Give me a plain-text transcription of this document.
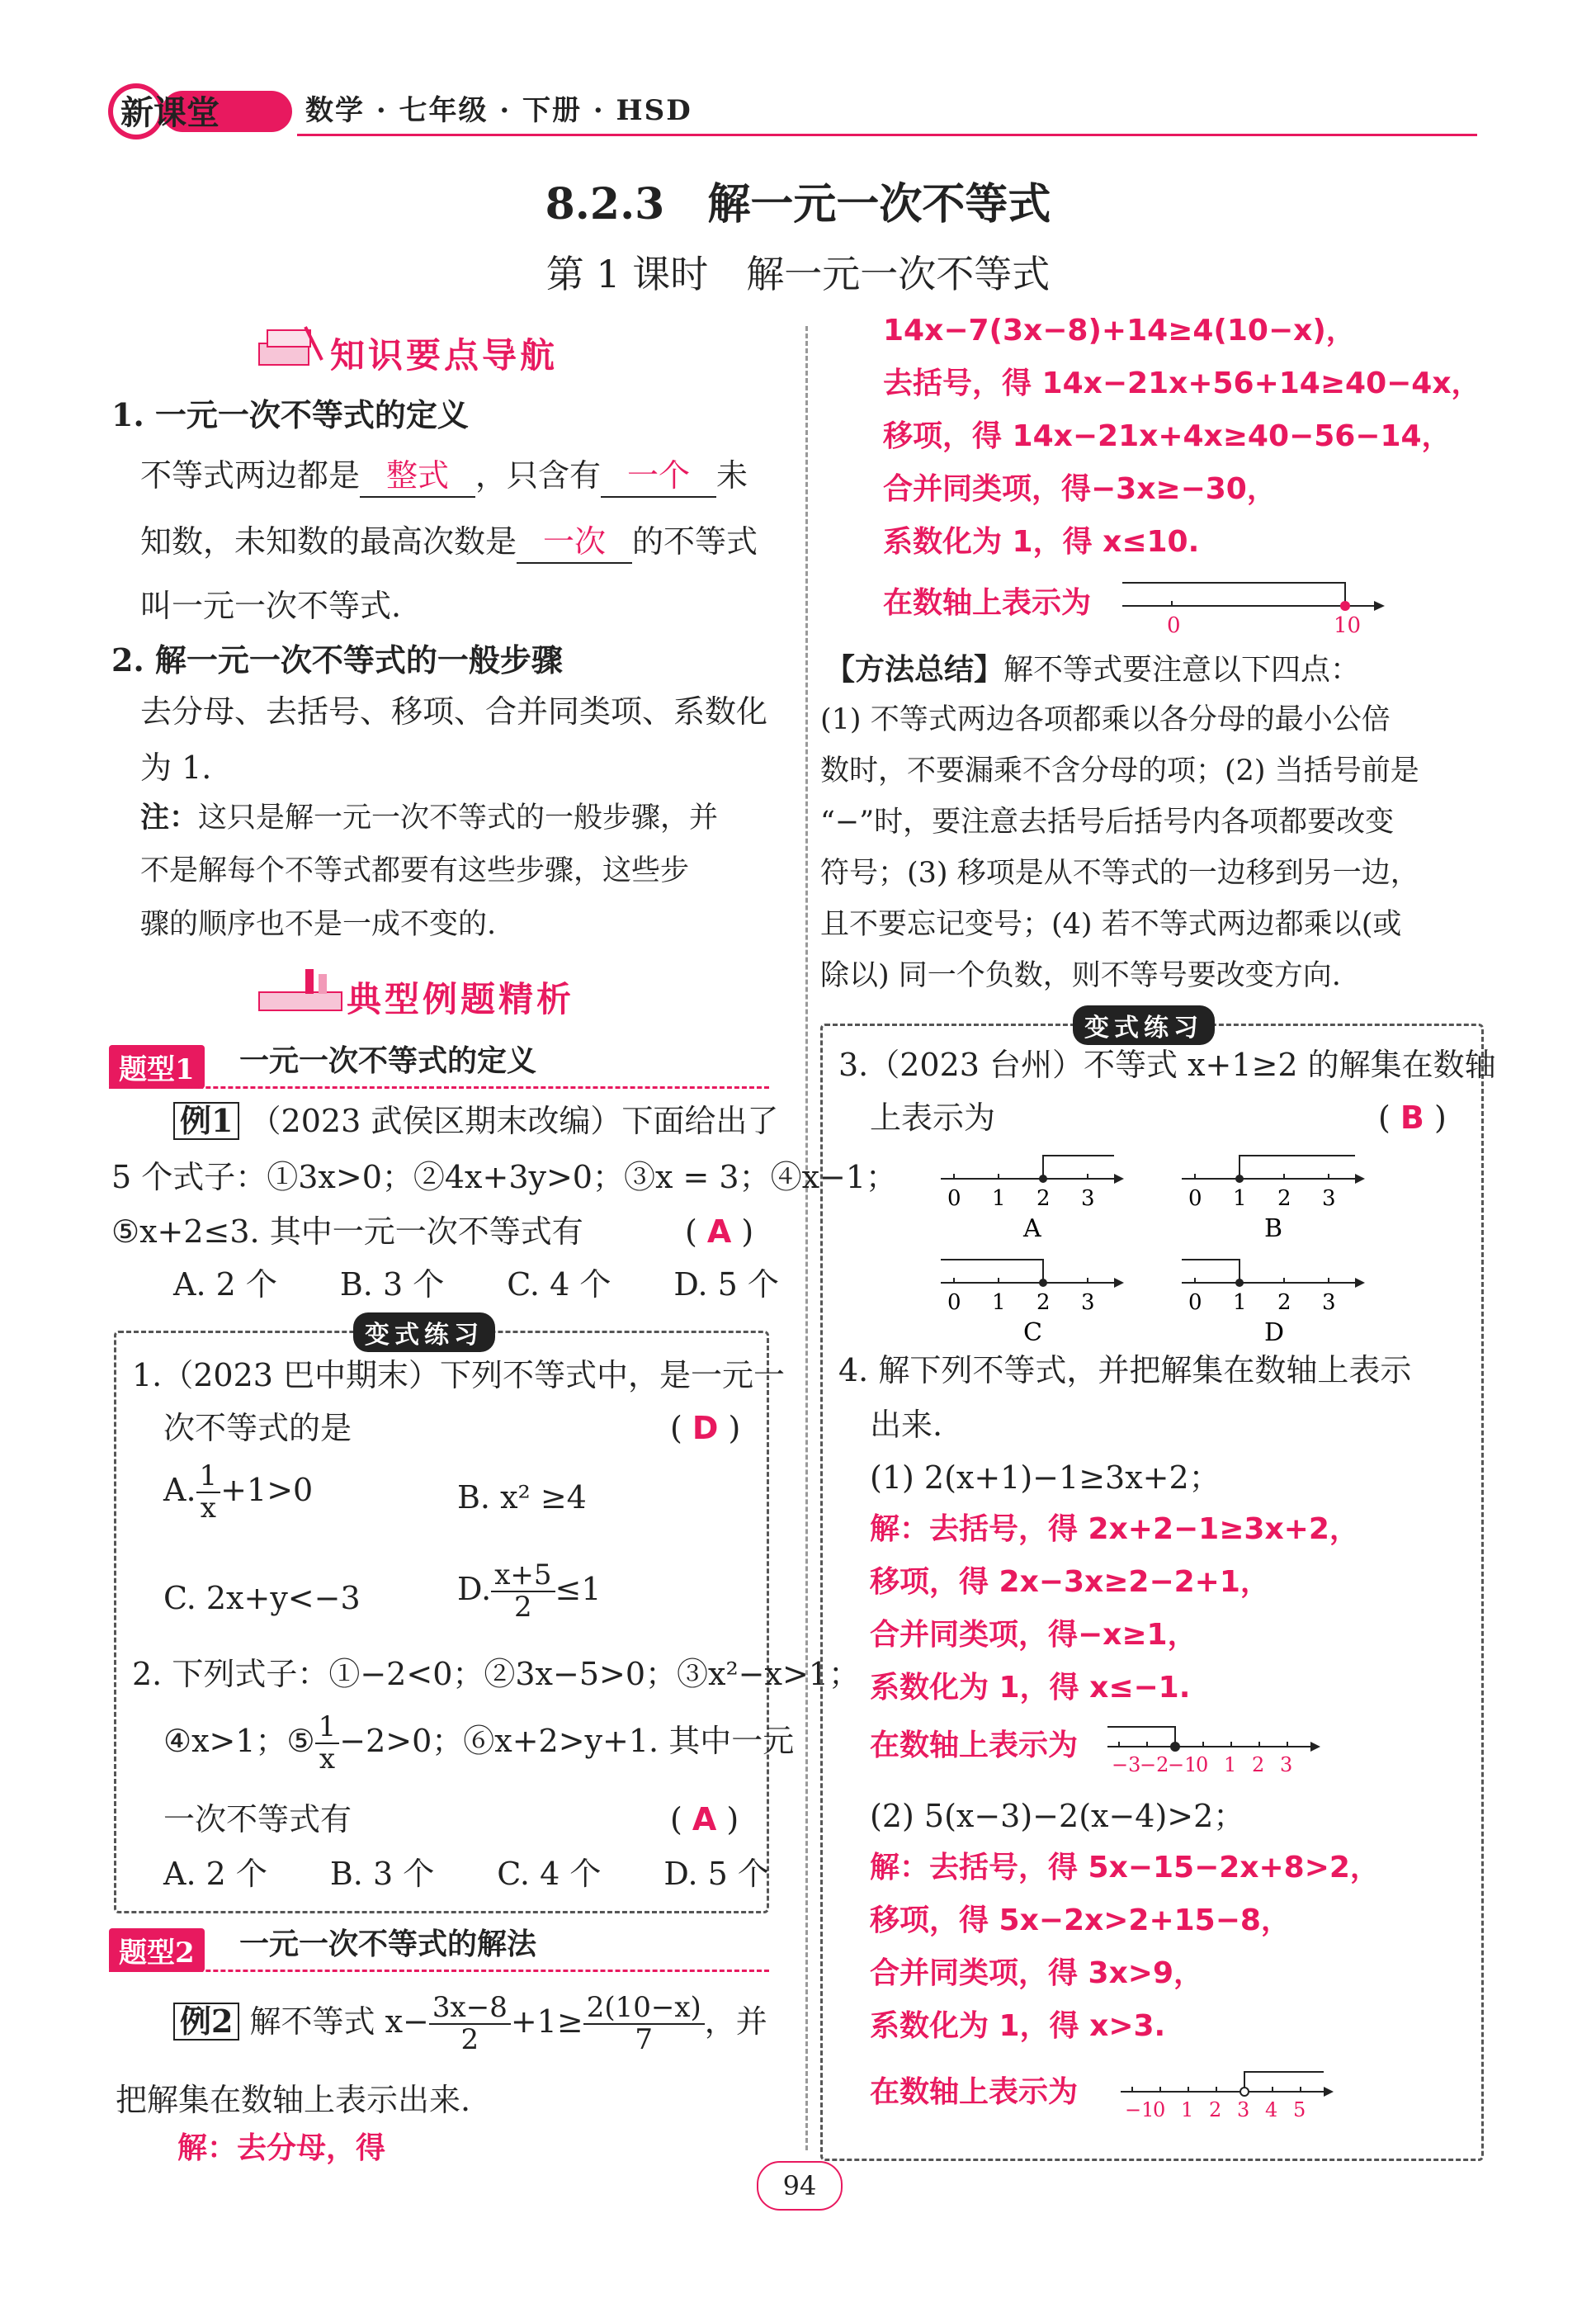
新课堂	数学 · 七年级 · 下册 · HSD
8.2.3　解一元一次不等式
第 1 课时　解一元一次不等式
知识要点导航
1. 一元一次不等式的定义
不等式两边都是 整式 ，只含有 一个 未
知数，未知数的最高次数是 一次 的不等式
叫一元一次不等式.
2. 解一元一次不等式的一般步骤
去分母、去括号、移项、合并同类项、系数化
为 1.
注：这只是解一元一次不等式的一般步骤，并
不是解每个不等式都要有这些步骤，这些步
骤的顺序也不是一成不变的.
典型例题精析
题型1	一元一次不等式的定义
例1 （2023 武侯区期末改编）下面给出了
5 个式子：①3x>0；②4x+3y>0；③x = 3；④x−1；
⑤x+2≤3. 其中一元一次不等式有	( A )
A. 2 个　　B. 3 个　　C. 4 个　　D. 5 个
变式练习
1.（2023 巴中期末）下列不等式中，是一元一
次不等式的是	( D )
A. $\frac{1}{x} +1>0$	B. x² ≥4
C. 2x+y<−3	D. $\frac{x+5}{2} \le 1$
2. 下列式子：①−2<0；②3x−5>0；③x²−x>1；
④x>1；⑤ $\frac{1}{x} -2>0$；⑥x+2>y+1. 其中一元
一次不等式有	( A )
A. 2 个　　B. 3 个　　C. 4 个　　D. 5 个
题型2	一元一次不等式的解法
例2 解不等式 $x- \frac{3x-8}{2} +1\ge \frac{2(10-x)}{7}$ ，并
把解集在数轴上表示出来.
解：去分母，得
14x−7(3x−8)+14≥4(10−x)，
去括号，得 14x−21x+56+14≥40−4x，
移项，得 14x−21x+4x≥40−56−14，
合并同类项，得−3x≥−30，
系数化为 1，得 x≤10.
在数轴上表示为
0	10
【方法总结】解不等式要注意以下四点：
(1) 不等式两边各项都乘以各分母的最小公倍
数时，不要漏乘不含分母的项；(2) 当括号前是
“−”时，要注意去括号后括号内各项都要改变
符号；(3) 移项是从不等式的一边移到另一边，
且不要忘记变号；(4) 若不等式两边都乘以(或
除以) 同一个负数，则不等号要改变方向.
变式练习
3.（2023 台州）不等式 x+1≥2 的解集在数轴
上表示为	( B )
0 1 2 3
A
0 1 2 3
B
0 1 2 3
C
0 1 2 3
D
4. 解下列不等式，并把解集在数轴上表示
出来.
(1) 2(x+1)−1≥3x+2；
解：去括号，得 2x+2−1≥3x+2，
移项，得 2x−3x≥2−2+1，
合并同类项，得−x≥1，
系数化为 1，得 x≤−1.
在数轴上表示为
−3
−2
−1
0 1 2 3
(2) 5(x−3)−2(x−4)>2；
解：去括号，得 5x−15−2x+8>2，
移项，得 5x−2x>2+15−8，
合并同类项，得 3x>9，
系数化为 1，得 x>3.
在数轴上表示为
−1
0 1 2 3 4 5
94
